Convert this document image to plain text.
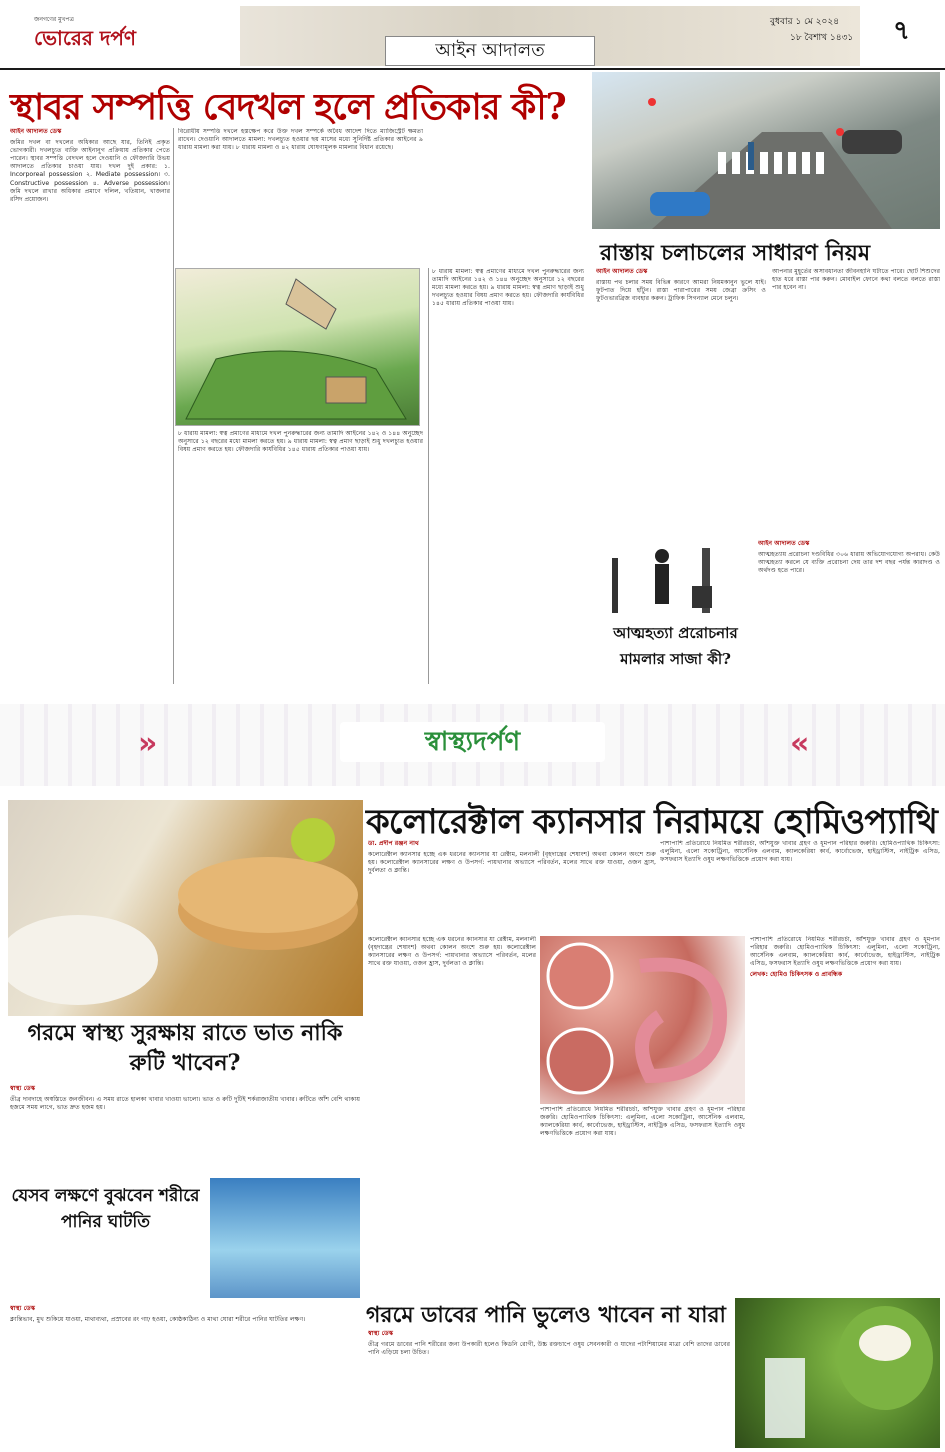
জনগণের মুখপত্র
ভোরের দর্পণ
আইন আদালত
বুধবার ১ মে ২০২৪
১৮ বৈশাখ ১৪৩১ ৭
স্থাবর সম্পত্তি বেদখল হলে প্রতিকার কী?

আইন আদালত ডেস্ক

জমির দখল বা দখলের অধিকার আছে যার, তিনিই প্রকৃত ভোগকারী। দখলচ্যুত ব্যক্তি আইনানুগ প্রক্রিয়ায় প্রতিকার পেতে পারেন। স্থাবর সম্পত্তি বেদখল হলে দেওয়ানি ও ফৌজদারি উভয় আদালতে প্রতিকার চাওয়া যায়। দখল দুই প্রকার: ১. Incorporeal possession ২. Mediate possession। ৩. Constructive possession ৪. Adverse possession। জমি দখলে রাখার অধিকার প্রমাণে দলিল, খতিয়ান, খাজনার রসিদ প্রয়োজন।

বিরোধীয় সম্পত্তি দখলে হস্তক্ষেপ করে উক্ত দখল সম্পর্কে অবৈধ আদেশ দিতে ম্যাজিস্ট্রেট ক্ষমতা রাখেন। দেওয়ানি আদালতে মামলা: দখলচ্যুত হওয়ার ছয় মাসের মধ্যে সুনির্দিষ্ট প্রতিকার আইনের ৯ ধারায় মামলা করা যায়। ৮ ধারায় মামলা ও ৪২ ধারায় ঘোষণামূলক মামলার বিধান রয়েছে।

৮ ধারায় মামলা: স্বত্ব প্রমাণের মাধ্যমে দখল পুনরুদ্ধারের জন্য তামাদি আইনের ১৪২ ও ১৪৪ অনুচ্ছেদ অনুসারে ১২ বছরের মধ্যে মামলা করতে হয়। ৯ ধারায় মামলা: স্বত্ব প্রমাণ ছাড়াই শুধু দখলচ্যুত হওয়ার বিষয় প্রমাণ করতে হয়। ফৌজদারি কার্যবিধির ১৪৫ ধারায় প্রতিকার পাওয়া যায়।

৮ ধারায় মামলা: স্বত্ব প্রমাণের মাধ্যমে দখল পুনরুদ্ধারের জন্য তামাদি আইনের ১৪২ ও ১৪৪ অনুচ্ছেদ অনুসারে ১২ বছরের মধ্যে মামলা করতে হয়। ৯ ধারায় মামলা: স্বত্ব প্রমাণ ছাড়াই শুধু দখলচ্যুত হওয়ার বিষয় প্রমাণ করতে হয়। ফৌজদারি কার্যবিধির ১৪৫ ধারায় প্রতিকার পাওয়া যায়।

রাস্তায় চলাচলের সাধারণ নিয়ম

আইন আদালত ডেস্ক

রাস্তায় পথ চলার সময় বিভিন্ন কারণে আমরা নিয়মকানুন ভুলে যাই। ফুটপাত দিয়ে হাঁটুন। রাস্তা পারাপারের সময় জেব্রা ক্রসিং ও ফুটওভারব্রিজ ব্যবহার করুন। ট্রাফিক সিগন্যাল মেনে চলুন।

আপনার মুহূর্তের অসাবধানতা জীবনহানি ঘটাতে পারে। ছোট শিশুদের হাত ধরে রাস্তা পার করুন। মোবাইল ফোনে কথা বলতে বলতে রাস্তা পার হবেন না।

আত্মহত্যা প্ররোচনার মামলার সাজা কী?

আইন আদালত ডেস্ক

আত্মহত্যায় প্ররোচনা দণ্ডবিধির ৩০৬ ধারায় অভিযোগযোগ্য অপরাধ। কেউ আত্মহত্যা করলে যে ব্যক্তি প্ররোচনা দেয় তার দশ বছর পর্যন্ত কারাদণ্ড ও অর্থদণ্ড হতে পারে।

»	«
স্বাস্থ্যদর্পণ
গরমে স্বাস্থ্য সুরক্ষায় রাতে ভাত নাকি রুটি খাবেন?

স্বাস্থ্য ডেস্ক

তীব্র দাবদাহে অস্বস্তিতে জনজীবন। এ সময় রাতে হালকা খাবার খাওয়া ভালো। ভাত ও রুটি দুটিই শর্করাজাতীয় খাবার। রুটিতে আঁশ বেশি থাকায় হজমে সময় লাগে, ভাত দ্রুত হজম হয়।

যেসব লক্ষণে বুঝবেন শরীরে পানির ঘাটতি

স্বাস্থ্য ডেস্ক

ক্লান্তিভাব, মুখ শুকিয়ে যাওয়া, মাথাব্যথা, প্রস্রাবের রং গাঢ় হওয়া, কোষ্ঠকাঠিন্য ও মাথা ঘোরা শরীরে পানির ঘাটতির লক্ষণ।

কলোরেক্টাল ক্যানসার নিরাময়ে হোমিওপ্যাথি

ডা. প্রদীপ রঞ্জন নাথ

কলোরেক্টাল ক্যানসার হচ্ছে এক ধরনের ক্যানসার যা রেক্টাম, মলনালী (বৃহদান্ত্রের শেষাংশ) অথবা কোলন অংশে শুরু হয়। কলোরেক্টাল ক্যানসারের লক্ষণ ও উপসর্গ: পায়খানার অভ্যাসে পরিবর্তন, মলের সাথে রক্ত যাওয়া, ওজন হ্রাস, দুর্বলতা ও ক্লান্তি।

কলোরেক্টাল ক্যানসার হচ্ছে এক ধরনের ক্যানসার যা রেক্টাম, মলনালী (বৃহদান্ত্রের শেষাংশ) অথবা কোলন অংশে শুরু হয়। কলোরেক্টাল ক্যানসারের লক্ষণ ও উপসর্গ: পায়খানার অভ্যাসে পরিবর্তন, মলের সাথে রক্ত যাওয়া, ওজন হ্রাস, দুর্বলতা ও ক্লান্তি।

পাশাপাশি প্রতিরোধে নিয়মিত শরীরচর্চা, আঁশযুক্ত খাবার গ্রহণ ও ধূমপান পরিহার জরুরি। হোমিওপ্যাথিক চিকিৎসা: এলুমিনা, এলো সকোট্রিনা, আর্সেনিক এলবাম, ক্যালকেরিয়া কার্ব, কার্বোভেজ, হাইড্রাস্টিস, নাইট্রিক এসিড, ফসফরাস ইত্যাদি ওষুধ লক্ষণভিত্তিকে প্রয়োগ করা যায়।

পাশাপাশি প্রতিরোধে নিয়মিত শরীরচর্চা, আঁশযুক্ত খাবার গ্রহণ ও ধূমপান পরিহার জরুরি। হোমিওপ্যাথিক চিকিৎসা: এলুমিনা, এলো সকোট্রিনা, আর্সেনিক এলবাম, ক্যালকেরিয়া কার্ব, কার্বোভেজ, হাইড্রাস্টিস, নাইট্রিক এসিড, ফসফরাস ইত্যাদি ওষুধ লক্ষণভিত্তিকে প্রয়োগ করা যায়।

পাশাপাশি প্রতিরোধে নিয়মিত শরীরচর্চা, আঁশযুক্ত খাবার গ্রহণ ও ধূমপান পরিহার জরুরি। হোমিওপ্যাথিক চিকিৎসা: এলুমিনা, এলো সকোট্রিনা, আর্সেনিক এলবাম, ক্যালকেরিয়া কার্ব, কার্বোভেজ, হাইড্রাস্টিস, নাইট্রিক এসিড, ফসফরাস ইত্যাদি ওষুধ লক্ষণভিত্তিকে প্রয়োগ করা যায়।

লেখক: হোমিও চিকিৎসক ও প্রাবন্ধিক

গরমে ডাবের পানি ভুলেও খাবেন না যারা

স্বাস্থ্য ডেস্ক

তীব্র গরমে ডাবের পানি শরীরের জন্য উপকারী হলেও কিডনি রোগী, উচ্চ রক্তচাপে ওষুধ সেবনকারী ও যাদের পটাশিয়ামের মাত্রা বেশি তাদের ডাবের পানি এড়িয়ে চলা উচিত।
